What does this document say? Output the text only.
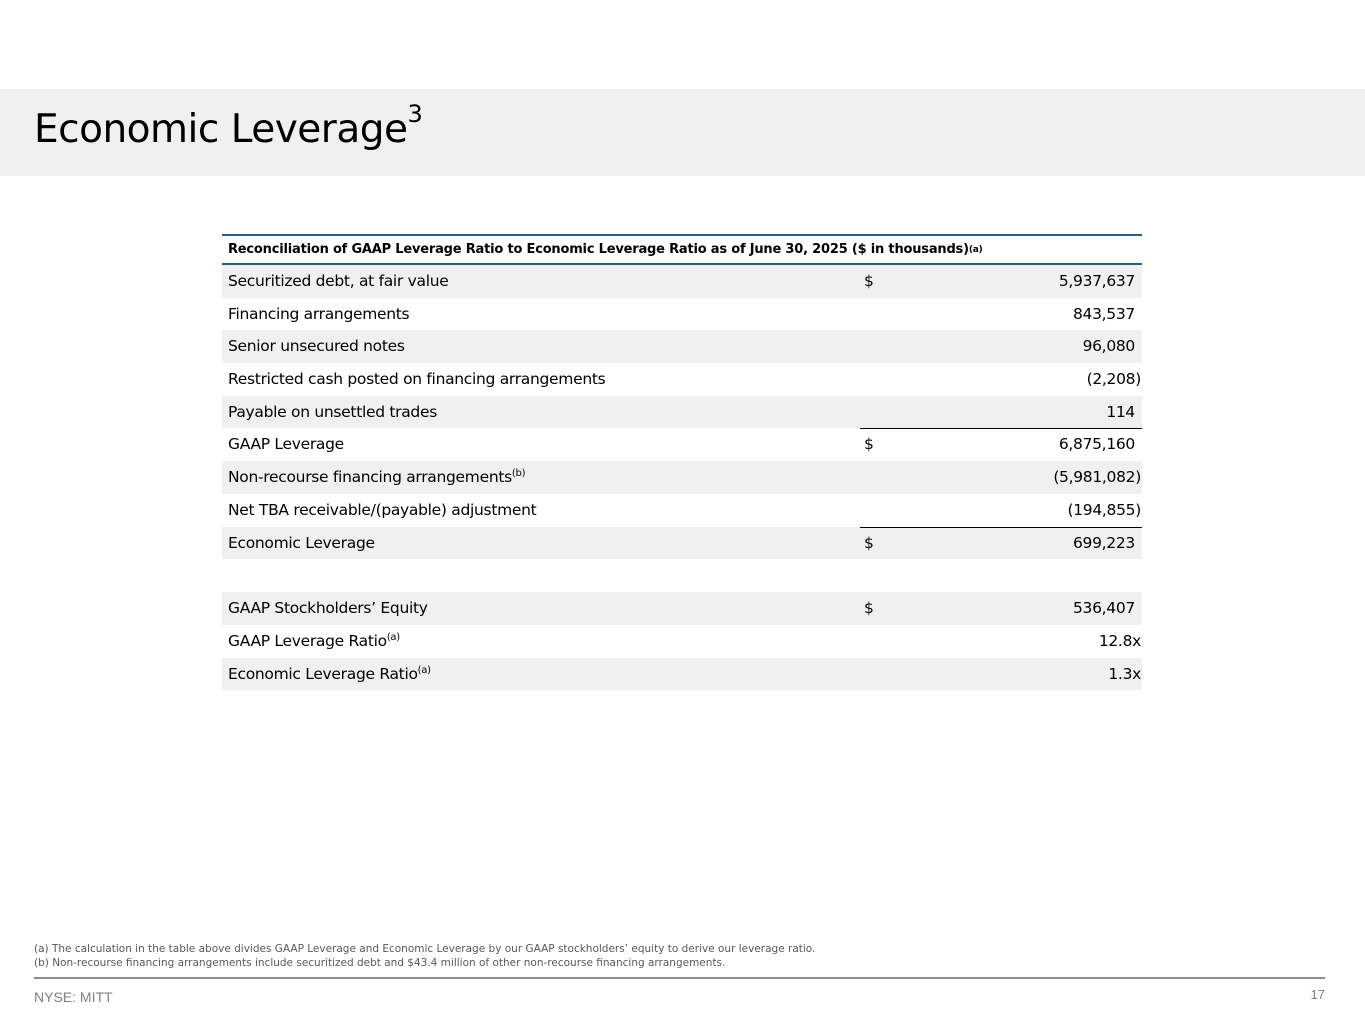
Economic Leverage$^3$
Reconciliation of GAAP Leverage Ratio to Economic Leverage Ratio as of June 30, 2025 ($ in thousands) (a)
Securitized debt, at fair value	$	5,937,637
Financing arrangements	843,537
Senior unsecured notes	96,080
Restricted cash posted on financing arrangements	(2,208)
Payable on unsettled trades	114
GAAP Leverage	$	6,875,160
Non-recourse financing arrangements$^{(b)}$	(5,981,082)
Net TBA receivable/(payable) adjustment	(194,855)
Economic Leverage	$	699,223
GAAP Stockholders’ Equity	$	536,407
GAAP Leverage Ratio$^{(a)}$	12.8x
Economic Leverage Ratio$^{(a)}$	1.3x
(a) The calculation in the table above divides GAAP Leverage and Economic Leverage by our GAAP stockholders’ equity to derive our leverage ratio.
(b) Non-recourse financing arrangements include securitized debt and $43.4 million of other non-recourse financing arrangements.
NYSE: MITT	17
